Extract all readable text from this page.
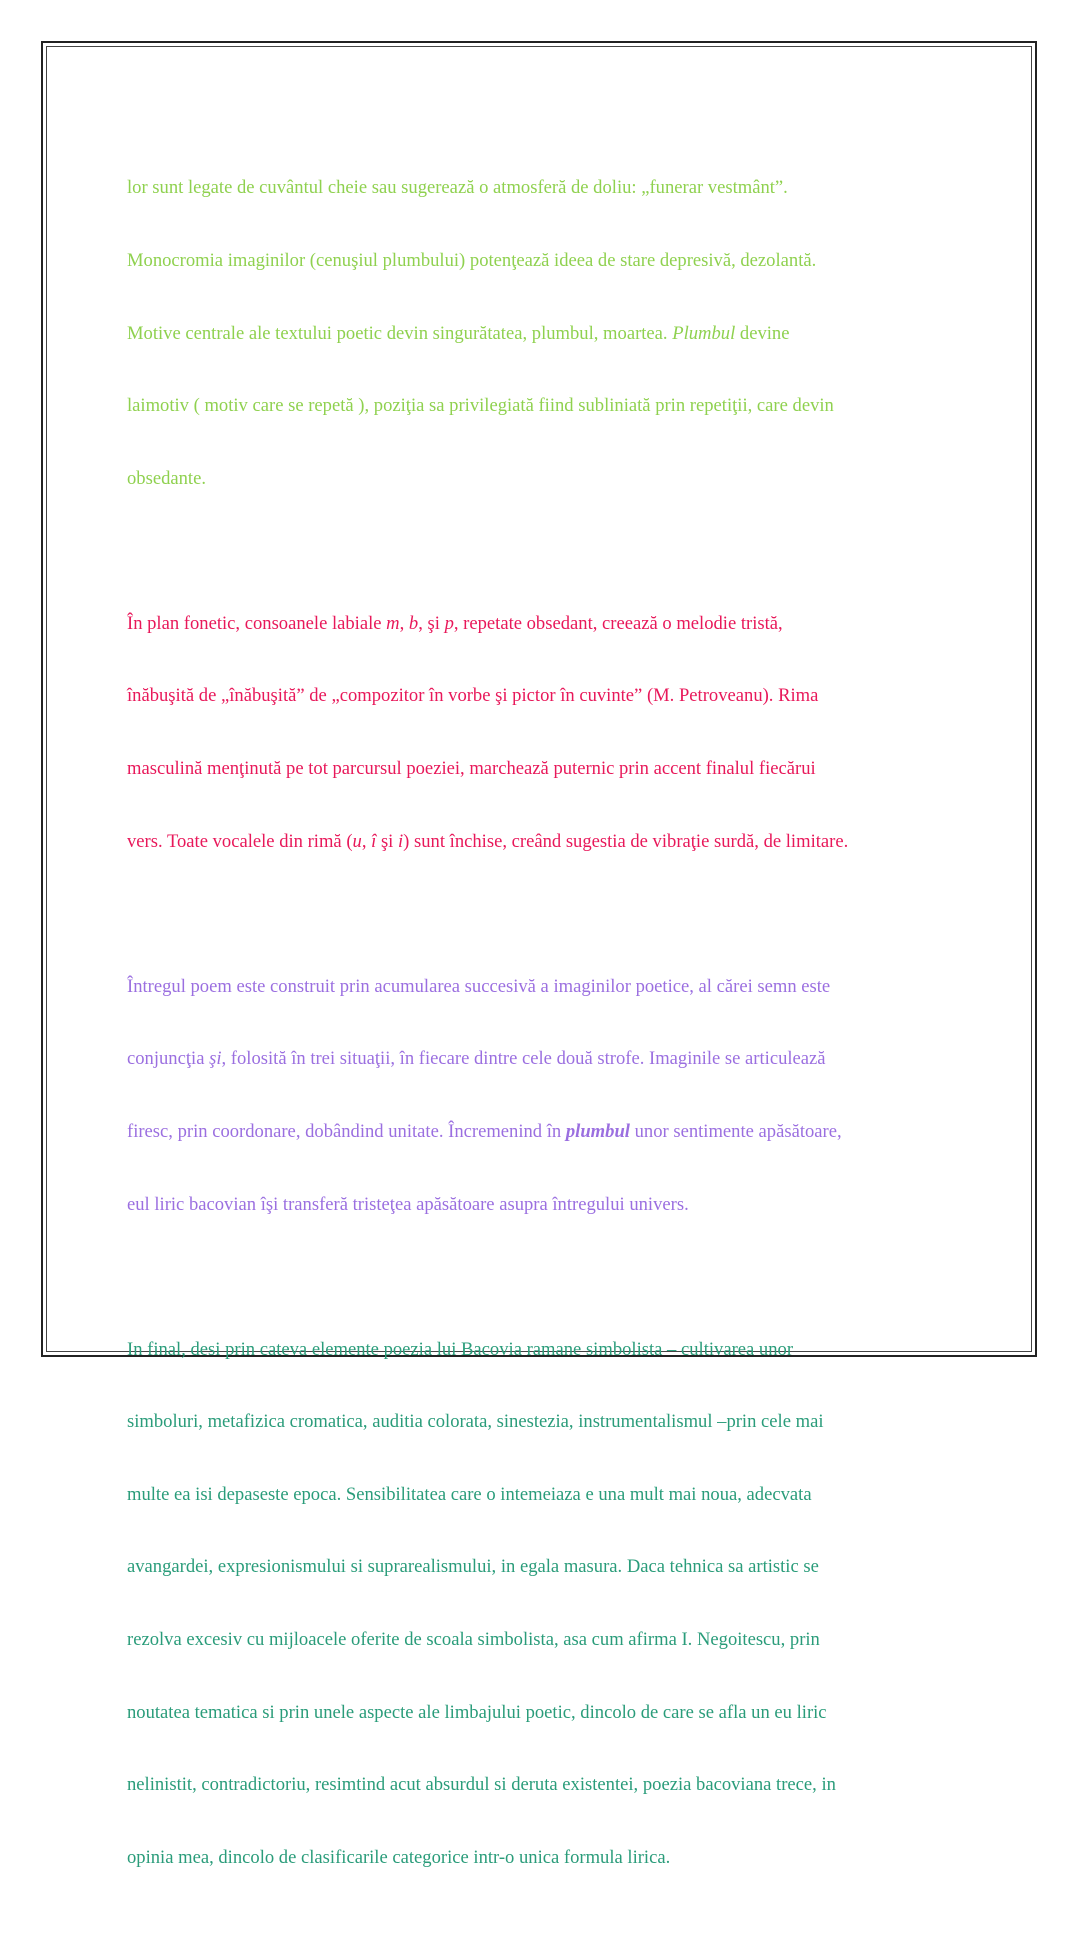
lor sunt legate de cuvântul cheie sau sugerează o atmosferă de doliu: „funerar vestmânt”.

Monocromia imaginilor (cenuşiul plumbului) potenţează ideea de stare depresivă, dezolantă.

Motive centrale ale textului poetic devin singurătatea, plumbul, moartea. Plumbul devine

laimotiv ( motiv care se repetă ), poziţia sa privilegiată fiind subliniată prin repetiţii, care devin

obsedante.

În plan fonetic, consoanele labiale m, b, şi p, repetate obsedant, creează o melodie tristă,

înăbuşită de „înăbuşită” de „compozitor în vorbe şi pictor în cuvinte” (M. Petroveanu). Rima

masculină menţinută pe tot parcursul poeziei, marchează puternic prin accent finalul fiecărui

vers. Toate vocalele din rimă (u, î şi i) sunt închise, creând sugestia de vibraţie surdă, de limitare.

Întregul poem este construit prin acumularea succesivă a imaginilor poetice, al cărei semn este

conjuncţia şi, folosită în trei situaţii, în fiecare dintre cele două strofe. Imaginile se articulează

firesc, prin coordonare, dobândind unitate. Încremenind în plumbul unor sentimente apăsătoare,

eul liric bacovian îşi transferă tristeţea apăsătoare asupra întregului univers.

In final, desi prin cateva elemente poezia lui Bacovia ramane simbolista – cultivarea unor

simboluri, metafizica cromatica, auditia colorata, sinestezia, instrumentalismul –prin cele mai

multe ea isi depaseste epoca. Sensibilitatea care o intemeiaza e una mult mai noua, adecvata

avangardei, expresionismului si suprarealismului, in egala masura. Daca tehnica sa artistic se

rezolva excesiv cu mijloacele oferite de scoala simbolista, asa cum afirma I. Negoitescu, prin

noutatea tematica si prin unele aspecte ale limbajului poetic, dincolo de care se afla un eu liric

nelinistit, contradictoriu, resimtind acut absurdul si deruta existentei, poezia bacoviana trece, in

opinia mea, dincolo de clasificarile categorice intr-o unica formula lirica.
